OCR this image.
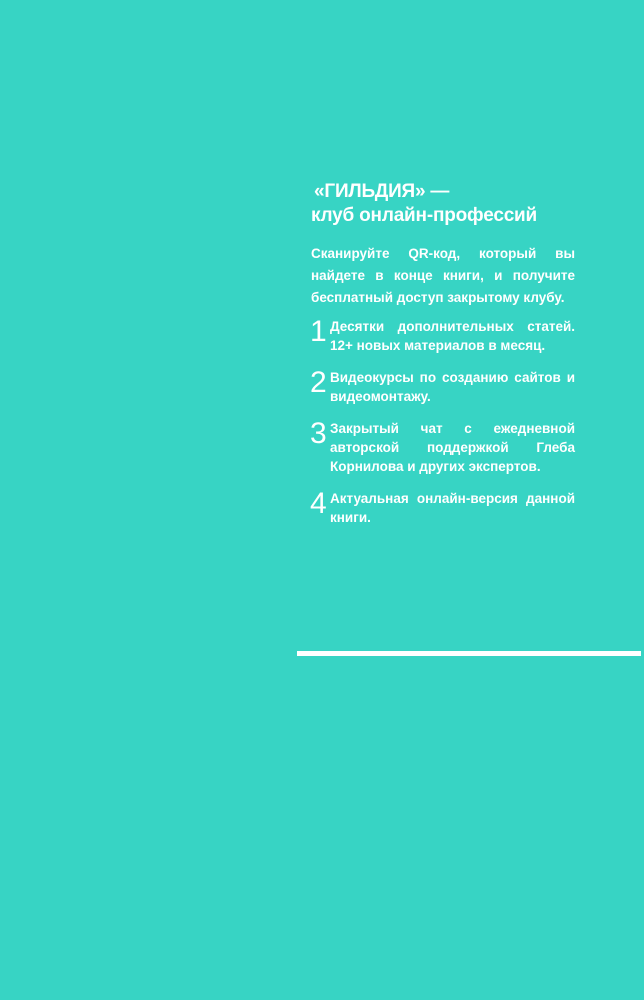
«ГИЛЬДИЯ» —
клуб онлайн-профессий

Сканируйте QR-код, который вы найдете в конце книги, и получите бесплатный доступ закрытому клубу.

1 Десятки дополнительных статей. 12+ новых материалов в месяц.
2 Видеокурсы по созданию сайтов и видеомонтажу.
3 Закрытый чат с ежедневной авторской поддержкой Глеба Корнилова и других экспертов.
4 Актуальная онлайн-версия данной книги.
